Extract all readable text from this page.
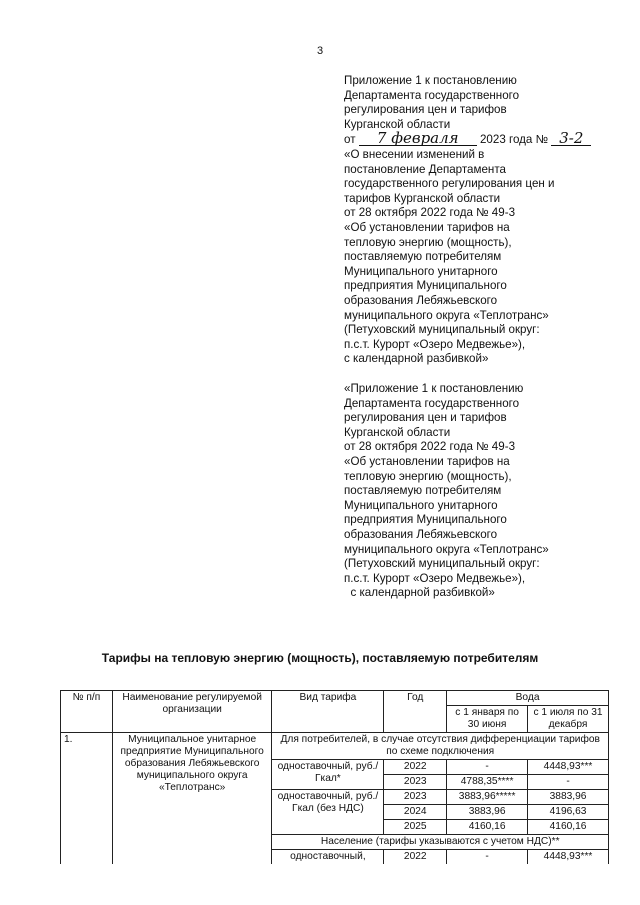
3
Приложение 1 к постановлению
Департамента государственного
регулирования цен и тарифов
Курганской области
от 7 февраля 2023 года № 3-2
«О внесении изменений в
постановление Департамента
государственного регулирования цен и
тарифов Курганской области
от 28 октября 2022 года № 49-3
«Об установлении тарифов на
тепловую энергию (мощность),
поставляемую потребителям
Муниципального унитарного
предприятия Муниципального
образования Лебяжьевского
муниципального округа «Теплотранс»
(Петуховский муниципальный округ:
п.с.т. Курорт «Озеро Медвежье»),
с календарной разбивкой»
«Приложение 1 к постановлению
Департамента государственного
регулирования цен и тарифов
Курганской области
от 28 октября 2022 года № 49-3
«Об установлении тарифов на
тепловую энергию (мощность),
поставляемую потребителям
Муниципального унитарного
предприятия Муниципального
образования Лебяжьевского
муниципального округа «Теплотранс»
(Петуховский муниципальный округ:
п.с.т. Курорт «Озеро Медвежье»),
с календарной разбивкой»
Тарифы на тепловую энергию (мощность), поставляемую потребителям
№ п/п	Наименование регулируемой организации	Вид тарифа	Год	Вода	
				с 1 января по 30 июня	с 1 июля по 31 декабря
1.	Муниципальное унитарное предприятие Муниципального образования Лебяжьевского муниципального округа «Теплотранс»	Для потребителей, в случае отсутствия дифференциации тарифов по схеме подключения			
		одноставочный, руб./Гкал*	2022	-	4448,93***
			2023	4788,35****	-
		одноставочный, руб./Гкал (без НДС)	2023	3883,96*****	3883,96
			2024	3883,96	4196,63
			2025	4160,16	4160,16
		Население (тарифы указываются с учетом НДС)**			
		одноставочный,	2022	-	4448,93***
